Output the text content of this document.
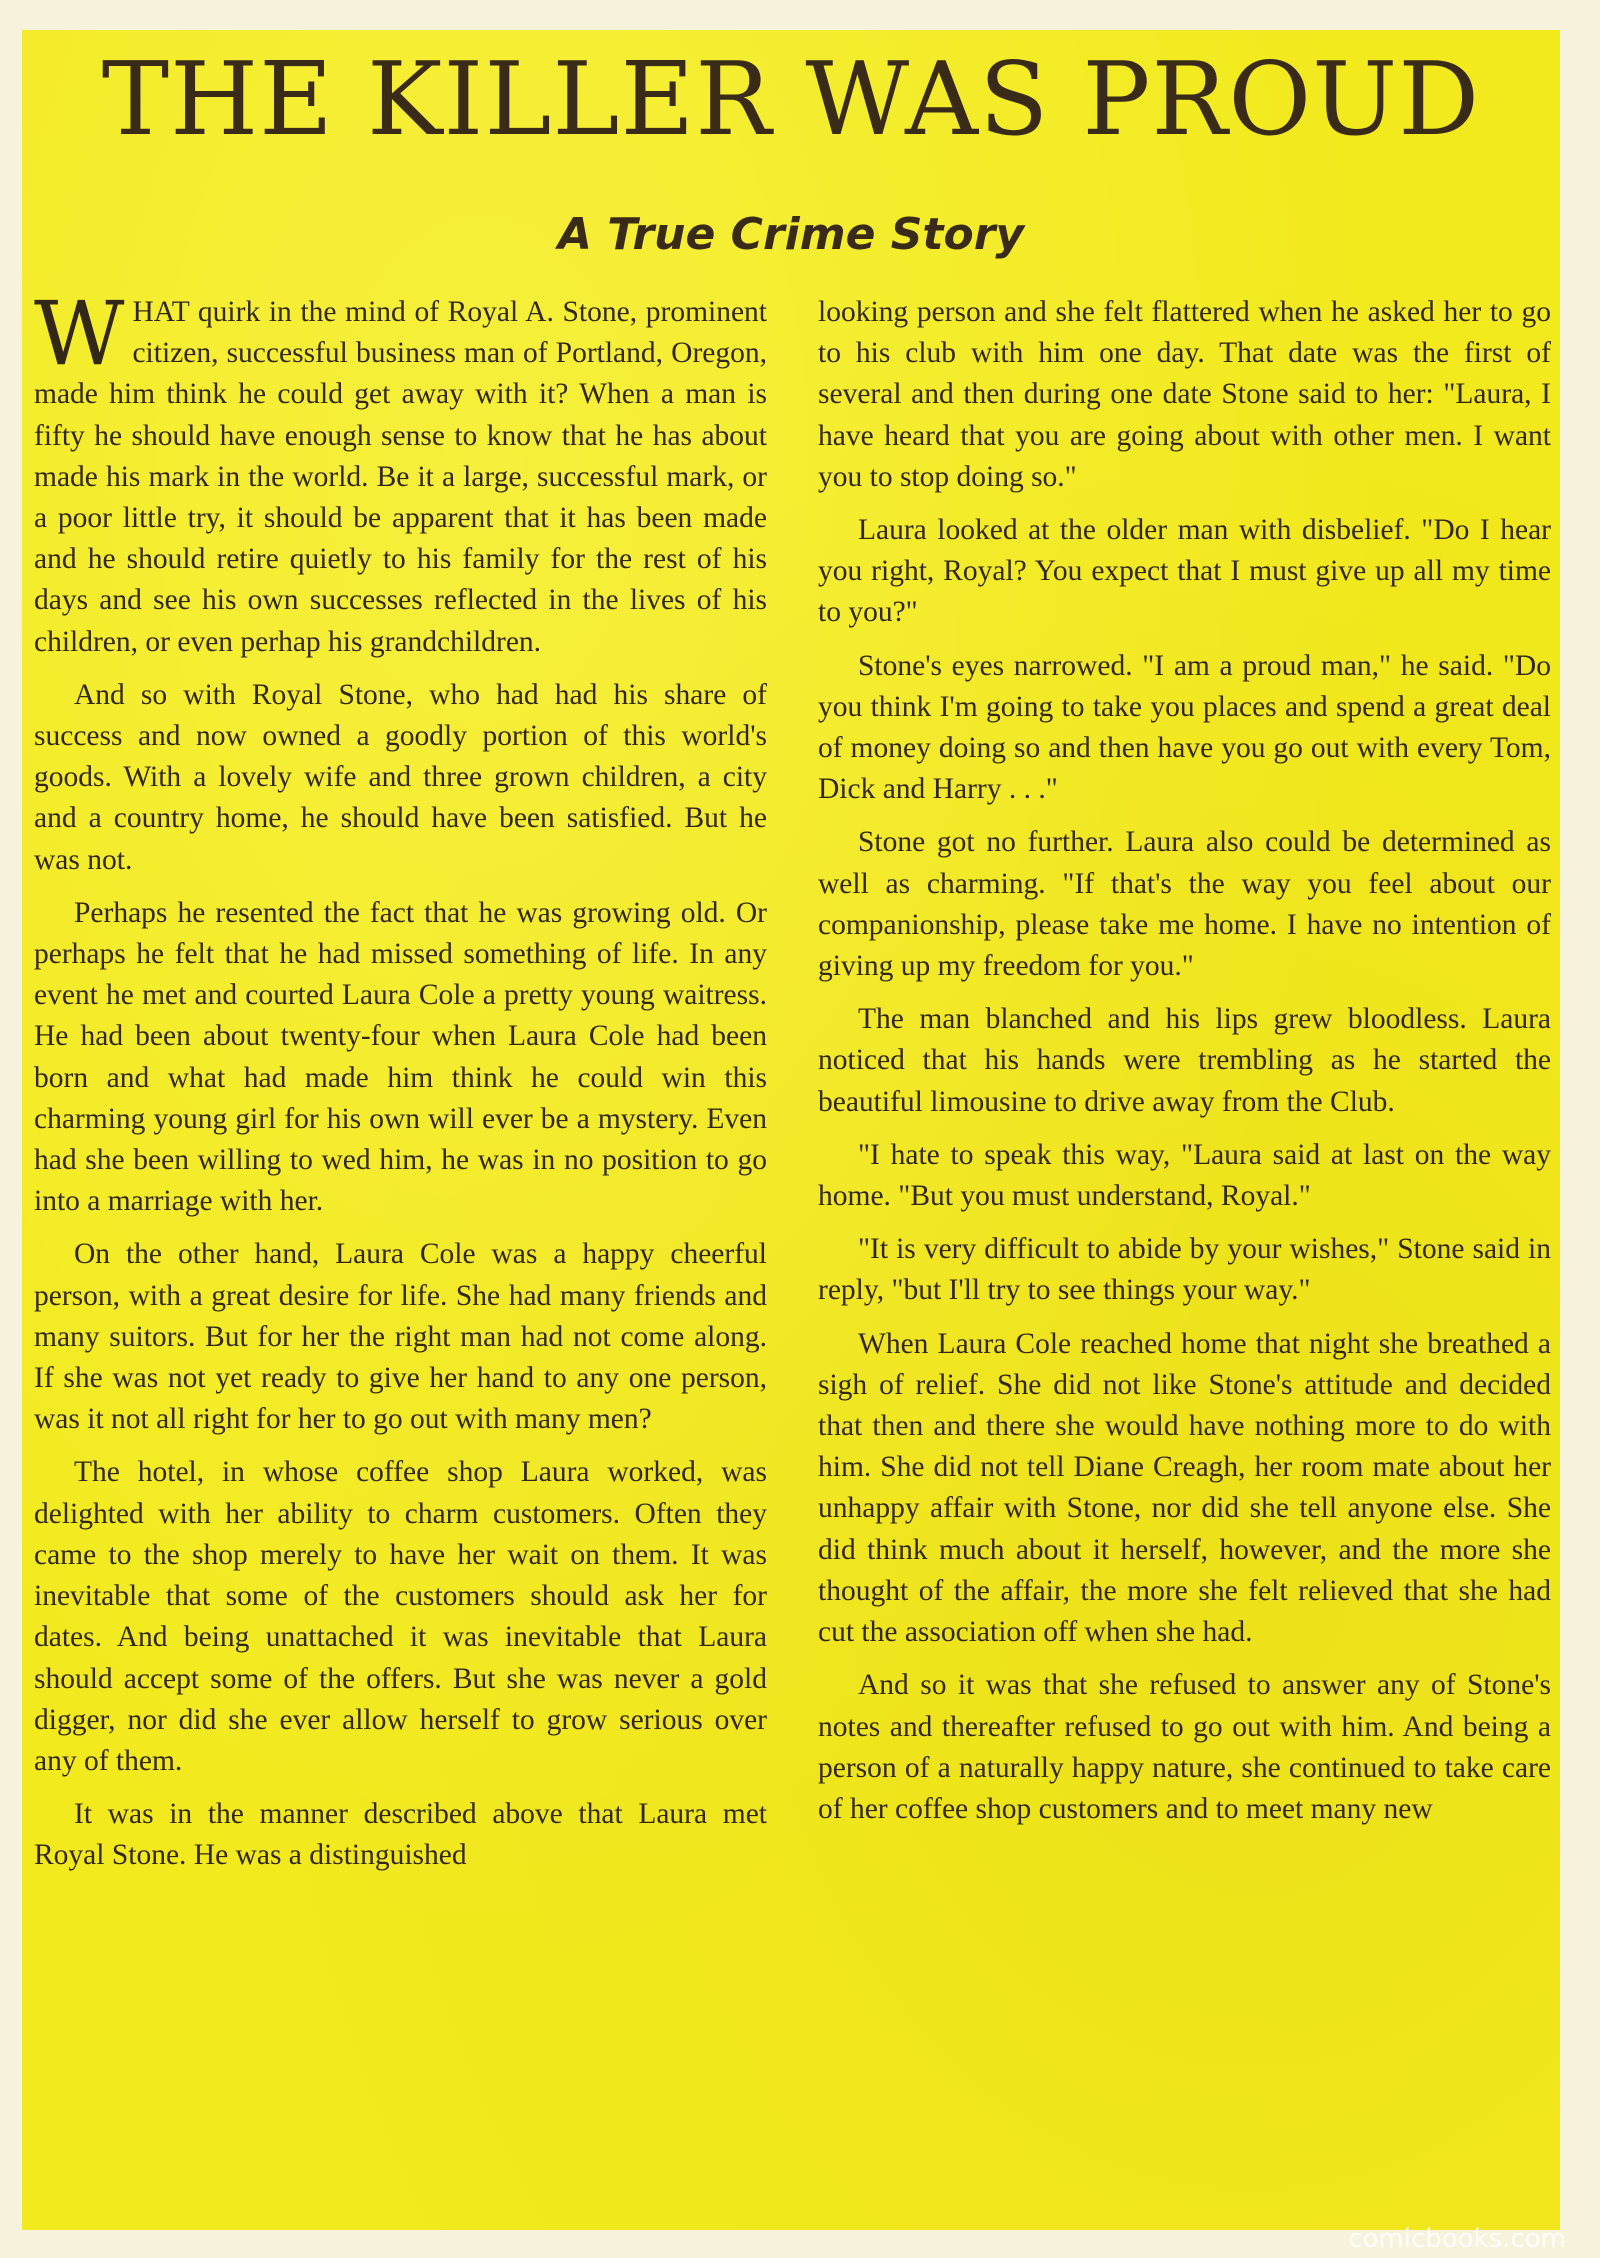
THE KILLER WAS PROUD
A True Crime Story

WHAT quirk in the mind of Royal A. Stone, prominent citizen, successful business man of Portland, Oregon, made him think he could get away with it? When a man is fifty he should have enough sense to know that he has about made his mark in the world. Be it a large, successful mark, or a poor little try, it should be apparent that it has been made and he should retire quietly to his family for the rest of his days and see his own successes reflected in the lives of his children, or even perhap his grandchildren.

And so with Royal Stone, who had had his share of success and now owned a goodly portion of this world's goods. With a lovely wife and three grown children, a city and a country home, he should have been satisfied. But he was not.

Perhaps he resented the fact that he was growing old. Or perhaps he felt that he had missed something of life. In any event he met and courted Laura Cole a pretty young waitress. He had been about twenty-four when Laura Cole had been born and what had made him think he could win this charming young girl for his own will ever be a mystery. Even had she been willing to wed him, he was in no position to go into a marriage with her.

On the other hand, Laura Cole was a happy cheerful person, with a great desire for life. She had many friends and many suitors. But for her the right man had not come along. If she was not yet ready to give her hand to any one person, was it not all right for her to go out with many men?

The hotel, in whose coffee shop Laura worked, was delighted with her ability to charm customers. Often they came to the shop merely to have her wait on them. It was inevitable that some of the customers should ask her for dates. And being unattached it was inevitable that Laura should accept some of the offers. But she was never a gold digger, nor did she ever allow herself to grow serious over any of them.

It was in the manner described above that Laura met Royal Stone. He was a distinguished

looking person and she felt flattered when he asked her to go to his club with him one day. That date was the first of several and then during one date Stone said to her: "Laura, I have heard that you are going about with other men. I want you to stop doing so."

Laura looked at the older man with disbelief. "Do I hear you right, Royal? You expect that I must give up all my time to you?"

Stone's eyes narrowed. "I am a proud man," he said. "Do you think I'm going to take you places and spend a great deal of money doing so and then have you go out with every Tom, Dick and Harry . . ."

Stone got no further. Laura also could be determined as well as charming. "If that's the way you feel about our companionship, please take me home. I have no intention of giving up my freedom for you."

The man blanched and his lips grew bloodless. Laura noticed that his hands were trembling as he started the beautiful limousine to drive away from the Club.

"I hate to speak this way, "Laura said at last on the way home. "But you must understand, Royal."

"It is very difficult to abide by your wishes," Stone said in reply, "but I'll try to see things your way."

When Laura Cole reached home that night she breathed a sigh of relief. She did not like Stone's attitude and decided that then and there she would have nothing more to do with him. She did not tell Diane Creagh, her room mate about her unhappy affair with Stone, nor did she tell anyone else. She did think much about it herself, however, and the more she thought of the affair, the more she felt relieved that she had cut the association off when she had.

And so it was that she refused to answer any of Stone's notes and thereafter refused to go out with him. And being a person of a naturally happy nature, she continued to take care of her coffee shop customers and to meet many new

comicbooks.com
